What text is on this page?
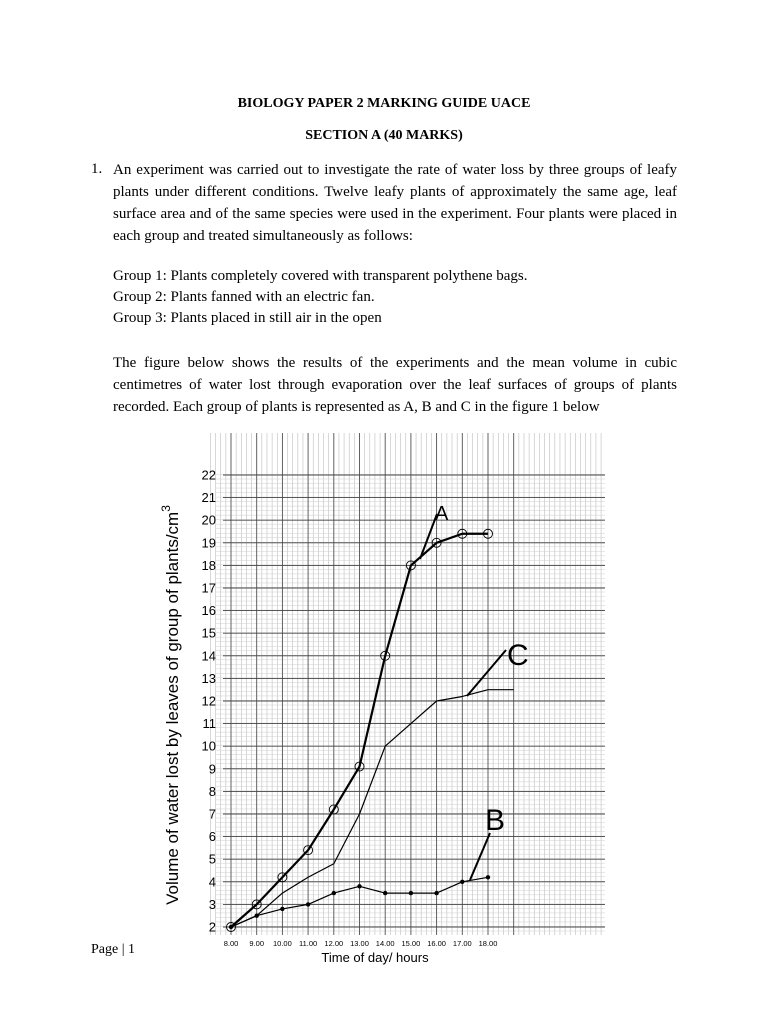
BIOLOGY PAPER 2 MARKING GUIDE UACE
SECTION A (40 MARKS)
1. An experiment was carried out to investigate the rate of water loss by three groups of leafy plants under different conditions. Twelve leafy plants of approximately the same age, leaf surface area and of the same species were used in the experiment. Four plants were placed in each group and treated simultaneously as follows:
Group 1: Plants completely covered with transparent polythene bags.
Group 2: Plants fanned with an electric fan.
Group 3: Plants placed in still air in the open
The figure below shows the results of the experiments and the mean volume in cubic centimetres of water lost through evaporation over the leaf surfaces of groups of plants recorded. Each group of plants is represented as A, B and C in the figure 1 below
2
3
4
5
6
7
8
9
10
11
12
13
14
15
16
17
18
19
20
21
22
8.00 9.00 10.00 11.00 12.00 13.00 14.00 15.00 16.00 17.00 18.00
Time of day/ hours
Volume of water lost by leaves of group of plants/$cm^3$	A
C
B
Page | 1
